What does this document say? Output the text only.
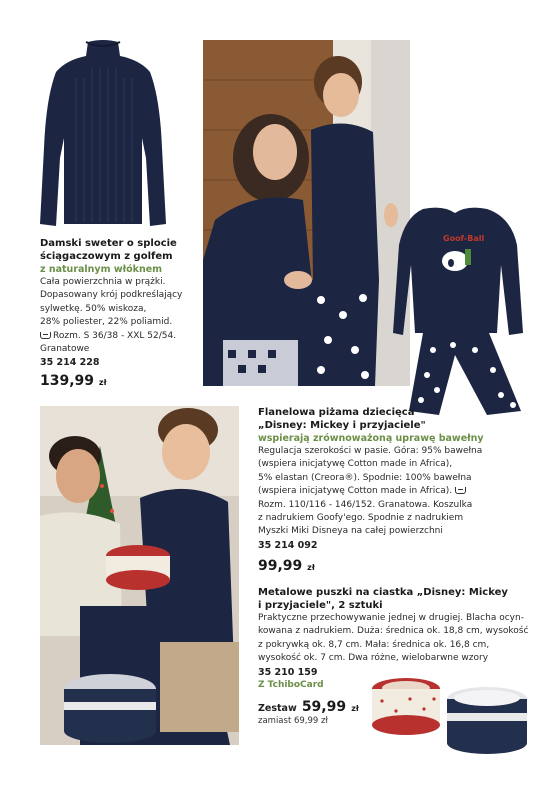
Damski sweter o splocie
ściągaczowym z golfem
z naturalnym włóknem
Cała powierzchnia w prążki.
Dopasowany krój podkreślający
sylwetkę. 50% wiskoza,
28% poliester, 22% poliamid.
Rozm. S 36/38 - XXL 52/54.
Granatowe
35 214 228
139,99 zł
Goof-Ball
Flanelowa piżama dziecięca
„Disney: Mickey i przyjaciele"
wspierają zrównoważoną uprawę bawełny
Regulacja szerokości w pasie. Góra: 95% bawełna
(wspiera inicjatywę Cotton made in Africa),
5% elastan (Creora®). Spodnie: 100% bawełna
(wspiera inicjatywę Cotton made in Africa).
Rozm. 110/116 - 146/152. Granatowa. Koszulka
z nadrukiem Goofy'ego. Spodnie z nadrukiem
Myszki Miki Disneya na całej powierzchni
35 214 092
99,99 zł
Metalowe puszki na ciastka „Disney: Mickey
i przyjaciele", 2 sztuki
Praktyczne przechowywanie jednej w drugiej. Blacha ocyn-
kowana z nadrukiem. Duża: średnica ok. 18,8 cm, wysokość
z pokrywką ok. 8,7 cm. Mała: średnica ok. 16,8 cm,
wysokość ok. 7 cm. Dwa różne, wielobarwne wzory
35 210 159
Z TchiboCard
Zestaw 59,99 zł
zamiast 69,99 zł
